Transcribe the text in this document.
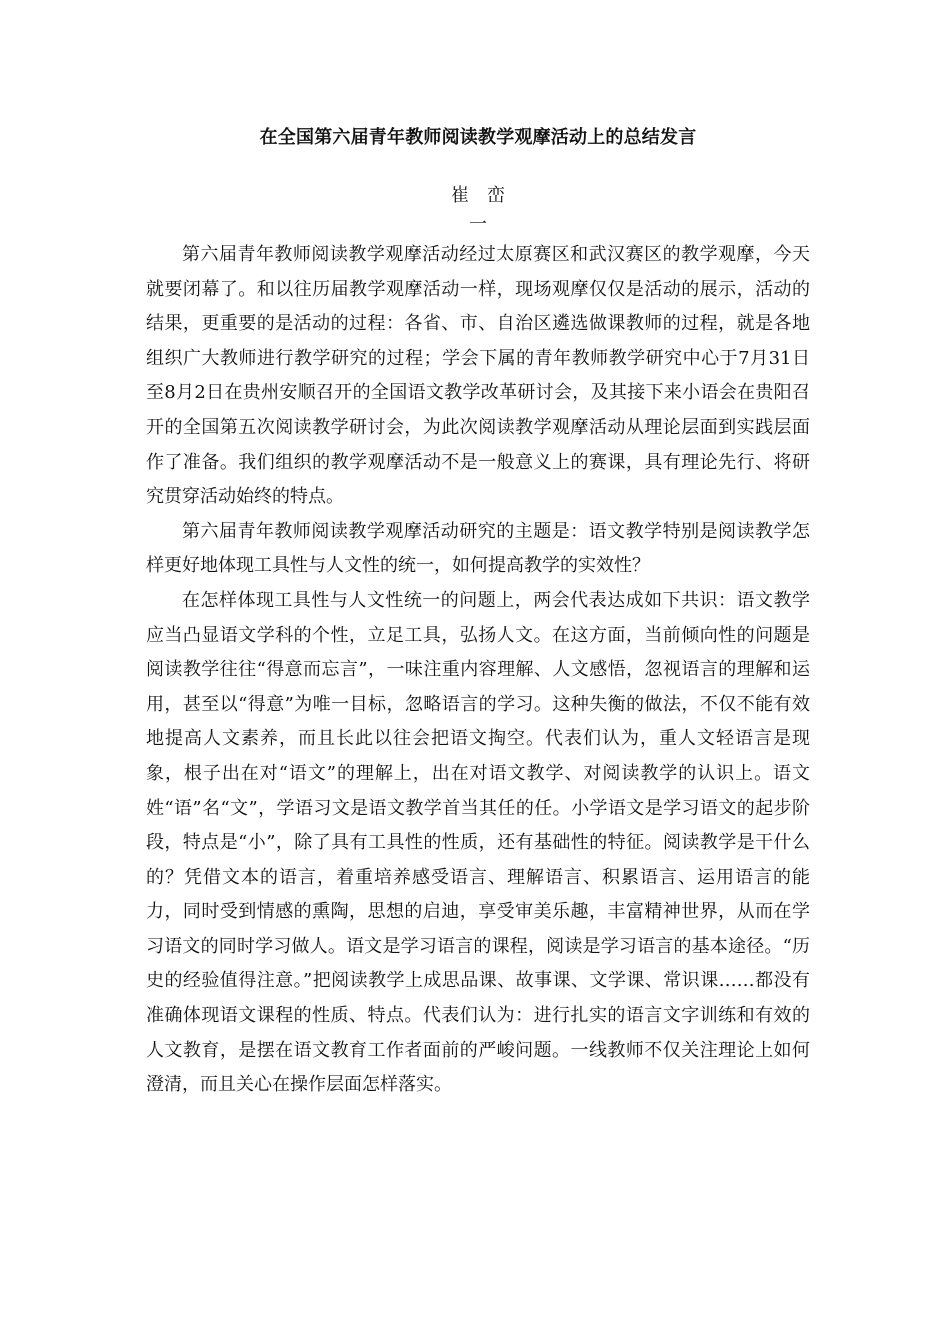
在全国第六届青年教师阅读教学观摩活动上的总结发言
崔峦
一

第六届青年教师阅读教学观摩活动经过太原赛区和武汉赛区的教学观摩，今天就要闭幕了。和以往历届教学观摩活动一样，现场观摩仅仅是活动的展示，活动的结果，更重要的是活动的过程：各省、市、自治区遴选做课教师的过程，就是各地组织广大教师进行教学研究的过程；学会下属的青年教师教学研究中心于7月31日至8月2日在贵州安顺召开的全国语文教学改革研讨会，及其接下来小语会在贵阳召开的全国第五次阅读教学研讨会，为此次阅读教学观摩活动从理论层面到实践层面作了准备。我们组织的教学观摩活动不是一般意义上的赛课，具有理论先行、将研究贯穿活动始终的特点。

第六届青年教师阅读教学观摩活动研究的主题是：语文教学特别是阅读教学怎样更好地体现工具性与人文性的统一，如何提高教学的实效性？

在怎样体现工具性与人文性统一的问题上，两会代表达成如下共识：语文教学应当凸显语文学科的个性，立足工具，弘扬人文。在这方面，当前倾向性的问题是阅读教学往往“得意而忘言”，一味注重内容理解、人文感悟，忽视语言的理解和运用，甚至以“得意”为唯一目标，忽略语言的学习。这种失衡的做法，不仅不能有效地提高人文素养，而且长此以往会把语文掏空。代表们认为，重人文轻语言是现象，根子出在对“语文”的理解上，出在对语文教学、对阅读教学的认识上。语文姓“语”名“文”，学语习文是语文教学首当其任的任。小学语文是学习语文的起步阶段，特点是“小”，除了具有工具性的性质，还有基础性的特征。阅读教学是干什么的？凭借文本的语言，着重培养感受语言、理解语言、积累语言、运用语言的能力，同时受到情感的熏陶，思想的启迪，享受审美乐趣，丰富精神世界，从而在学习语文的同时学习做人。语文是学习语言的课程，阅读是学习语言的基本途径。“历史的经验值得注意。”把阅读教学上成思品课、故事课、文学课、常识课……都没有准确体现语文课程的性质、特点。代表们认为：进行扎实的语言文字训练和有效的人文教育，是摆在语文教育工作者面前的严峻问题。一线教师不仅关注理论上如何澄清，而且关心在操作层面怎样落实。
